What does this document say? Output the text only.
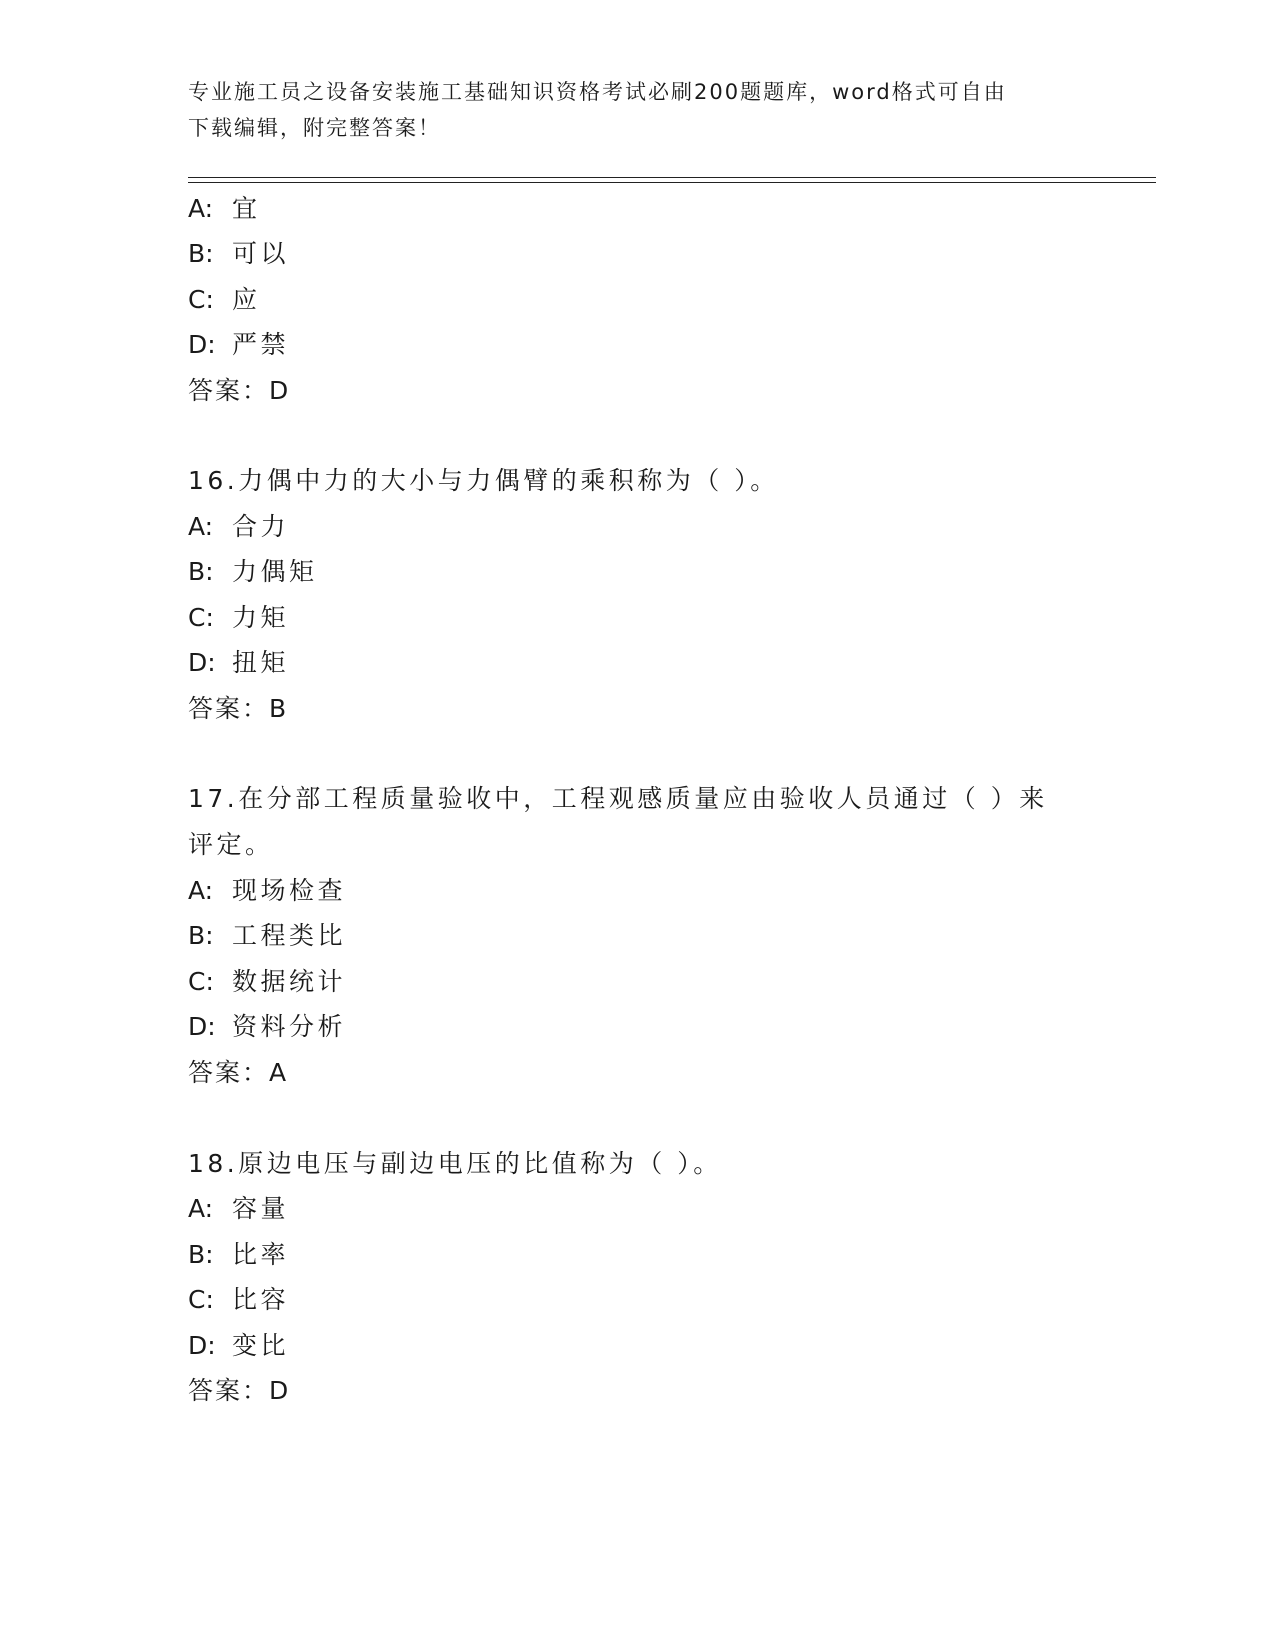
专业施工员之设备安装施工基础知识资格考试必刷200题题库，word格式可自由
下载编辑，附完整答案！
A: 宜
B: 可以
C: 应
D: 严禁
答案：D
16.力偶中力的大小与力偶臂的乘积称为（ ）。
A: 合力
B: 力偶矩
C: 力矩
D: 扭矩
答案：B
17.在分部工程质量验收中，工程观感质量应由验收人员通过（ ）来
评定。
A: 现场检查
B: 工程类比
C: 数据统计
D: 资料分析
答案：A
18.原边电压与副边电压的比值称为（ ）。
A: 容量
B: 比率
C: 比容
D: 变比
答案：D
